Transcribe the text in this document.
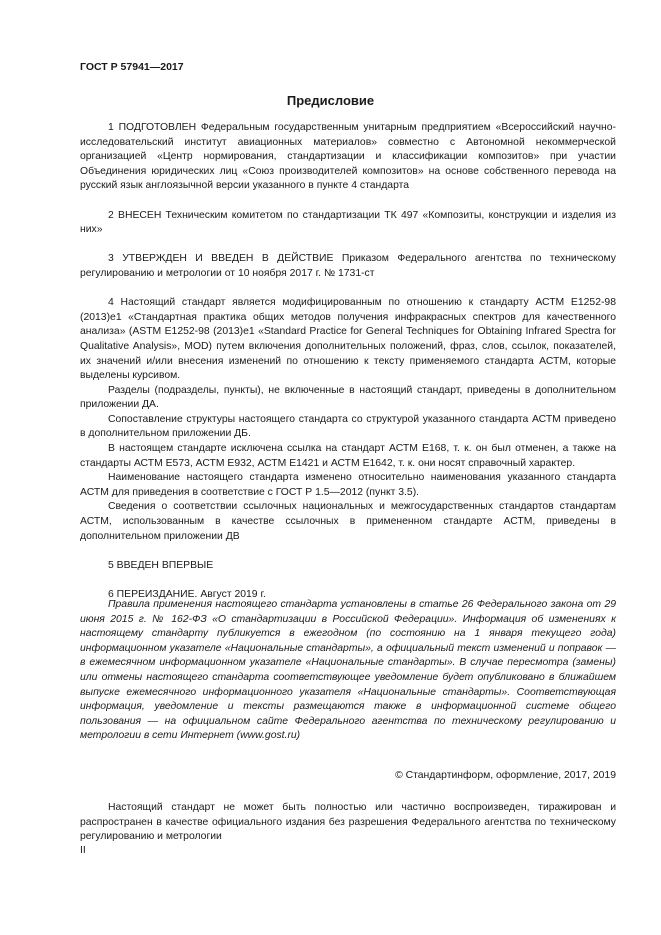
ГОСТ Р 57941—2017
Предисловие

1 ПОДГОТОВЛЕН Федеральным государственным унитарным предприятием «Всероссийский научно-исследовательский институт авиационных материалов» совместно с Автономной некоммерческой организацией «Центр нормирования, стандартизации и классификации композитов» при участии Объединения юридических лиц «Союз производителей композитов» на основе собственного перевода на русский язык англоязычной версии указанного в пункте 4 стандарта

2 ВНЕСЕН Техническим комитетом по стандартизации ТК 497 «Композиты, конструкции и изделия из них»

3 УТВЕРЖДЕН И ВВЕДЕН В ДЕЙСТВИЕ Приказом Федерального агентства по техническому регулированию и метрологии от 10 ноября 2017 г. № 1731-ст

4 Настоящий стандарт является модифицированным по отношению к стандарту АСТМ Е1252-98 (2013)е1 «Стандартная практика общих методов получения инфракрасных спектров для качественного анализа» (ASTM E1252-98 (2013)e1 «Standard Practice for General Techniques for Obtaining Infrared Spectra for Qualitative Analysis», MOD) путем включения дополнительных положений, фраз, слов, ссылок, показателей, их значений и/или внесения изменений по отношению к тексту применяемого стандарта АСТМ, которые выделены курсивом.

Разделы (подразделы, пункты), не включенные в настоящий стандарт, приведены в дополнительном приложении ДА.

Сопоставление структуры настоящего стандарта со структурой указанного стандарта АСТМ приведено в дополнительном приложении ДБ.

В настоящем стандарте исключена ссылка на стандарт АСТМ Е168, т. к. он был отменен, а также на стандарты АСТМ Е573, АСТМ Е932, АСТМ Е1421 и АСТМ Е1642, т. к. они носят справочный характер.

Наименование настоящего стандарта изменено относительно наименования указанного стандарта АСТМ для приведения в соответствие с ГОСТ Р 1.5—2012 (пункт 3.5).

Сведения о соответствии ссылочных национальных и межгосударственных стандартов стандартам АСТМ, использованным в качестве ссылочных в примененном стандарте АСТМ, приведены в дополнительном приложении ДВ

5 ВВЕДЕН ВПЕРВЫЕ

6 ПЕРЕИЗДАНИЕ. Август 2019 г.

Правила применения настоящего стандарта установлены в статье 26 Федерального закона от 29 июня 2015 г. № 162-ФЗ «О стандартизации в Российской Федерации». Информация об изменениях к настоящему стандарту публикуется в ежегодном (по состоянию на 1 января текущего года) информационном указателе «Национальные стандарты», а официальный текст изменений и поправок — в ежемесячном информационном указателе «Национальные стандарты». В случае пересмотра (замены) или отмены настоящего стандарта соответствующее уведомление будет опубликовано в ближайшем выпуске ежемесячного информационного указателя «Национальные стандарты». Соответствующая информация, уведомление и тексты размещаются также в информационной системе общего пользования — на официальном сайте Федерального агентства по техническому регулированию и метрологии в сети Интернет (www.gost.ru)
© Стандартинформ, оформление, 2017, 2019
Настоящий стандарт не может быть полностью или частично воспроизведен, тиражирован и распространен в качестве официального издания без разрешения Федерального агентства по техническому регулированию и метрологии
II
